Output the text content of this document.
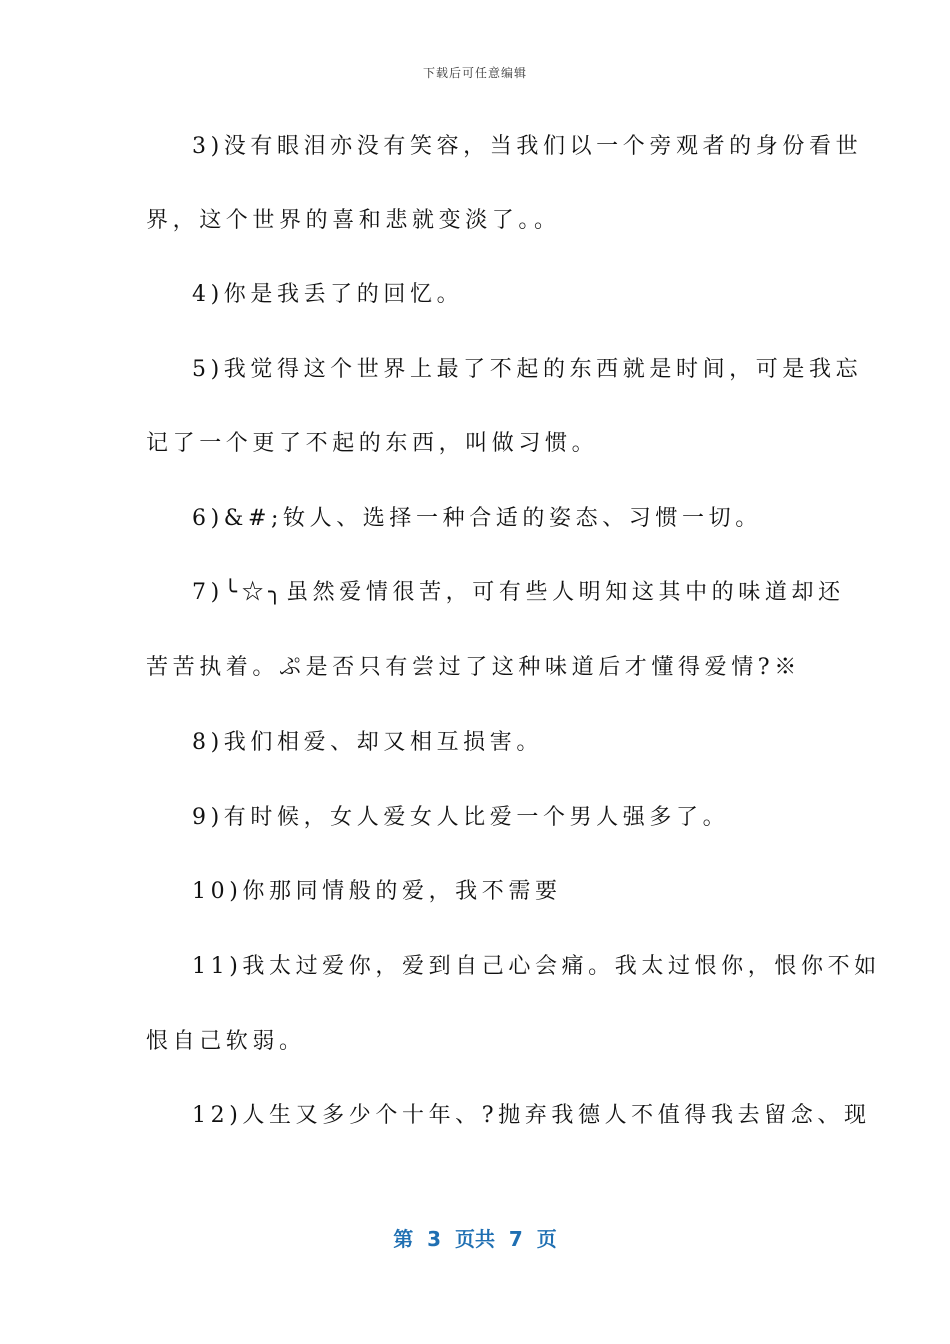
下载后可任意编辑
3)没有眼泪亦没有笑容，当我们以一个旁观者的身份看世
界，这个世界的喜和悲就变淡了。。
4)你是我丢了的回忆。
5)我觉得这个世界上最了不起的东西就是时间，可是我忘
记了一个更了不起的东西，叫做习惯。
6)&#;钕人、选择一种合适的姿态、习惯一切。
7)╰☆╮虽然爱情很苦，可有些人明知这其中的味道却还
苦苦执着。ぷ是否只有尝过了这种味道后才懂得爱情?※
8)我们相爱、却又相互损害。
9)有时候，女人爱女人比爱一个男人强多了。
10)你那同情般的爱，我不需要
11)我太过爱你，爱到自己心会痛。我太过恨你，恨你不如
恨自己软弱。
12)人生又多少个十年、?抛弃我德人不值得我去留念、现
第  3  页共  7  页
